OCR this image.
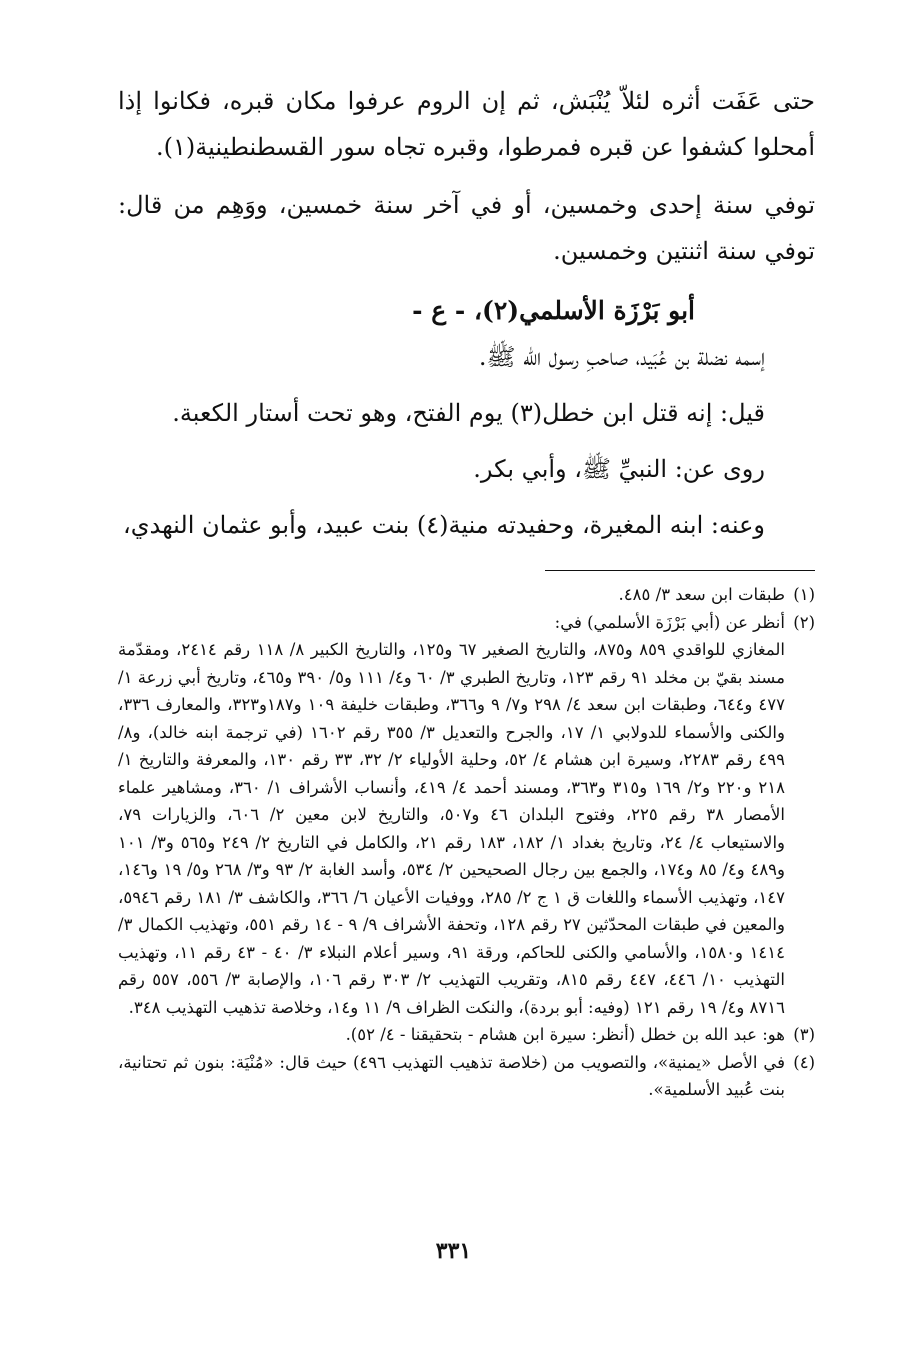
حتى عَفَت أثره لئلاّ يُنْبَش، ثم إن الروم عرفوا مكان قبره، فكانوا إذا أمحلوا كشفوا عن قبره فمرطوا، وقبره تجاه سور القسطنطينية(١).

توفي سنة إحدى وخمسين، أو في آخر سنة خمسين، ووَهِم من قال: توفي سنة اثنتين وخمسين.

أبو بَرْزَة الأسلمي(٢)، - ع -

إسمه نضلة بن عُبَيد، صاحبِ رسول الله ﷺ.

قيل: إنه قتل ابن خطل(٣) يوم الفتح، وهو تحت أستار الكعبة.

روى عن: النبيِّ ﷺ، وأبي بكر.

وعنه: ابنه المغيرة، وحفيدته منية(٤) بنت عبيد، وأبو عثمان النهدي،

(١)
طبقات ابن سعد ٣/ ٤٨٥.
(٢)
أنظر عن (أبي بَرْزَة الأسلمي) في:
المغازي للواقدي ٨٥٩ و٨٧٥، والتاريخ الصغير ٦٧ و١٢٥، والتاريخ الكبير ٨/ ١١٨ رقم ٢٤١٤، ومقدّمة مسند بقيّ بن مخلد ٩١ رقم ١٢٣، وتاريخ الطبري ٣/ ٦٠ و٤/ ١١١ و٥/ ٣٩٠ و٤٦٥، وتاريخ أبي زرعة ١/ ٤٧٧ و٦٤٤، وطبقات ابن سعد ٤/ ٢٩٨ و٧/ ٩ و٣٦٦، وطبقات خليفة ١٠٩ و١٨٧و٣٢٣، والمعارف ٣٣٦، والكنى والأسماء للدولابي ١/ ١٧، والجرح والتعديل ٣/ ٣٥٥ رقم ١٦٠٢ (في ترجمة ابنه خالد)، و٨/ ٤٩٩ رقم ٢٢٨٣، وسيرة ابن هشام ٤/ ٥٢، وحلية الأولياء ٢/ ٣٢، ٣٣ رقم ١٣٠، والمعرفة والتاريخ ١/ ٢١٨ و٢٢٠ و٢/ ١٦٩ و٣١٥ و٣٦٣، ومسند أحمد ٤/ ٤١٩، وأنساب الأشراف ١/ ٣٦٠، ومشاهير علماء الأمصار ٣٨ رقم ٢٢٥، وفتوح البلدان ٤٦ و٥٠٧، والتاريخ لابن معين ٢/ ٦٠٦، والزيارات ٧٩، والاستيعاب ٤/ ٢٤، وتاريخ بغداد ١/ ١٨٢، ١٨٣ رقم ٢١، والكامل في التاريخ ٢/ ٢٤٩ و٥٦٥ و٣/ ١٠١ و٤٨٩ و٤/ ٨٥ و١٧٤، والجمع بين رجال الصحيحين ٢/ ٥٣٤، وأسد الغابة ٢/ ٩٣ و٣/ ٢٦٨ و٥/ ١٩ و١٤٦، ١٤٧، وتهذيب الأسماء واللغات ق ١ ج ٢/ ٢٨٥، ووفيات الأعيان ٦/ ٣٦٦، والكاشف ٣/ ١٨١ رقم ٥٩٤٦، والمعين في طبقات المحدّثين ٢٧ رقم ١٢٨، وتحفة الأشراف ٩/ ٩ - ١٤ رقم ٥٥١، وتهذيب الكمال ٣/ ١٤١٤ و١٥٨٠، والأسامي والكنى للحاكم، ورقة ٩١، وسير أعلام النبلاء ٣/ ٤٠ - ٤٣ رقم ١١، وتهذيب التهذيب ١٠/ ٤٤٦، ٤٤٧ رقم ٨١٥، وتقريب التهذيب ٢/ ٣٠٣ رقم ١٠٦، والإصابة ٣/ ٥٥٦، ٥٥٧ رقم ٨٧١٦ و٤/ ١٩ رقم ١٢١ (وفيه: أبو بردة)، والنكت الظراف ٩/ ١١ و١٤، وخلاصة تذهيب التهذيب ٣٤٨.
(٣)
هو: عبد الله بن خطل (أنظر: سيرة ابن هشام - بتحقيقنا - ٤/ ٥٢).
(٤)
في الأصل «يمنية»، والتصويب من (خلاصة تذهيب التهذيب ٤٩٦) حيث قال: «مُنْيَة: بنون ثم تحتانية، بنت عُبيد الأسلمية».
٣٣١
